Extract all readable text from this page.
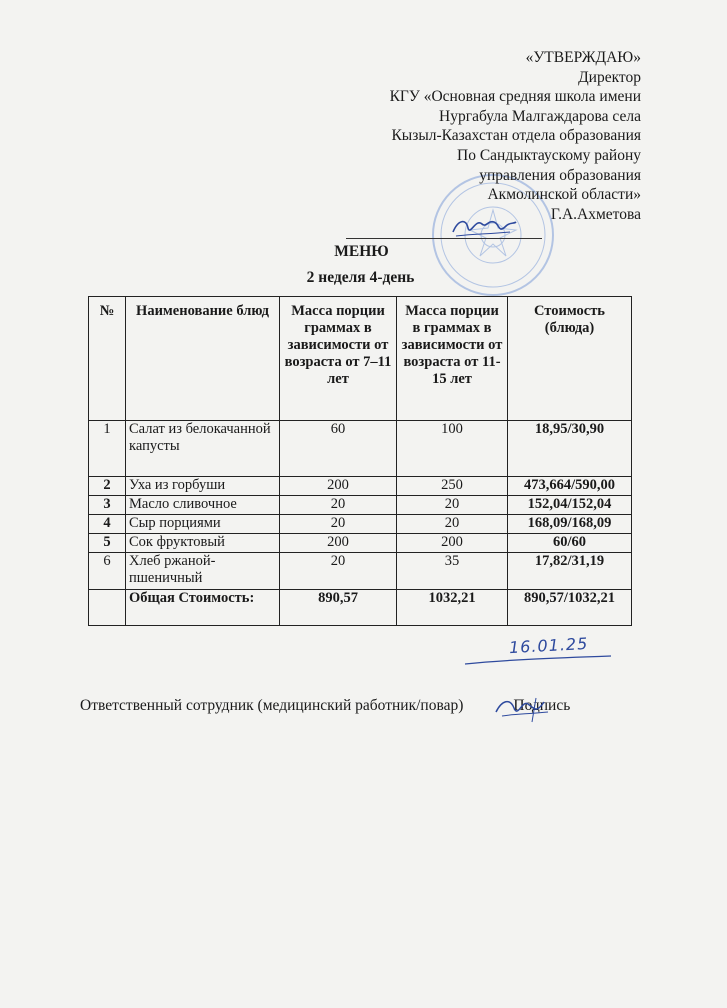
«УТВЕРЖДАЮ»
Директор
КГУ «Основная средняя школа имени
Нургабула Малгаждарова села
Кызыл-Казахстан отдела образования
По Сандыктаускому району
управления образования
Акмолинской области»
Г.А.Ахметова
МЕНЮ
2 неделя 4-день
№	Наименование блюд	Масса порции граммах в зависимости от возраста от 7–11 лет	Масса порции в граммах в зависимости от возраста от 11-15 лет	Стоимость (блюда)
1	Салат из белокачанной капусты	60	100	18,95/30,90
2	Уха из горбуши	200	250	473,664/590,00
3	Масло сливочное	20	20	152,04/152,04
4	Сыр порциями	20	20	168,09/168,09
5	Сок фруктовый	200	200	60/60
6	Хлеб ржаной-пшеничный	20	35	17,82/31,19
	Общая Стоимость:	890,57	1032,21	890,57/1032,21
16.01.25
Ответственный сотрудник (медицинский работник/повар)	Подпись
